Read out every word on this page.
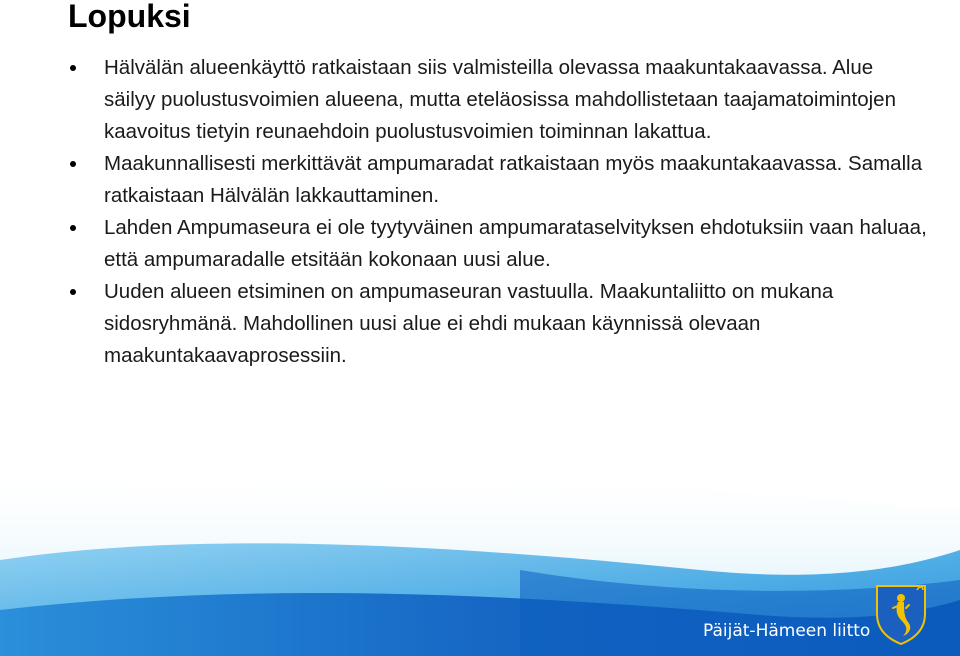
Lopuksi
Hälvälän alueenkäyttö ratkaistaan siis valmisteilla olevassa maakuntakaavassa. Alue säilyy puolustusvoimien alueena, mutta eteläosissa mahdollistetaan taajamatoimintojen kaavoitus tietyin reunaehdoin puolustusvoimien toiminnan lakattua.
Maakunnallisesti merkittävät ampumaradat ratkaistaan myös maakuntakaavassa. Samalla ratkaistaan Hälvälän lakkauttaminen.
Lahden Ampumaseura ei ole tyytyväinen ampumarataselvityksen ehdotuksiin vaan haluaa, että ampumaradalle etsitään kokonaan uusi alue.
Uuden alueen etsiminen on ampumaseuran vastuulla. Maakuntaliitto on mukana sidosryhmänä. Mahdollinen uusi alue ei ehdi mukaan käynnissä olevaan maakuntakaavaprosessiin.
Päijät-Hämeen liitto
